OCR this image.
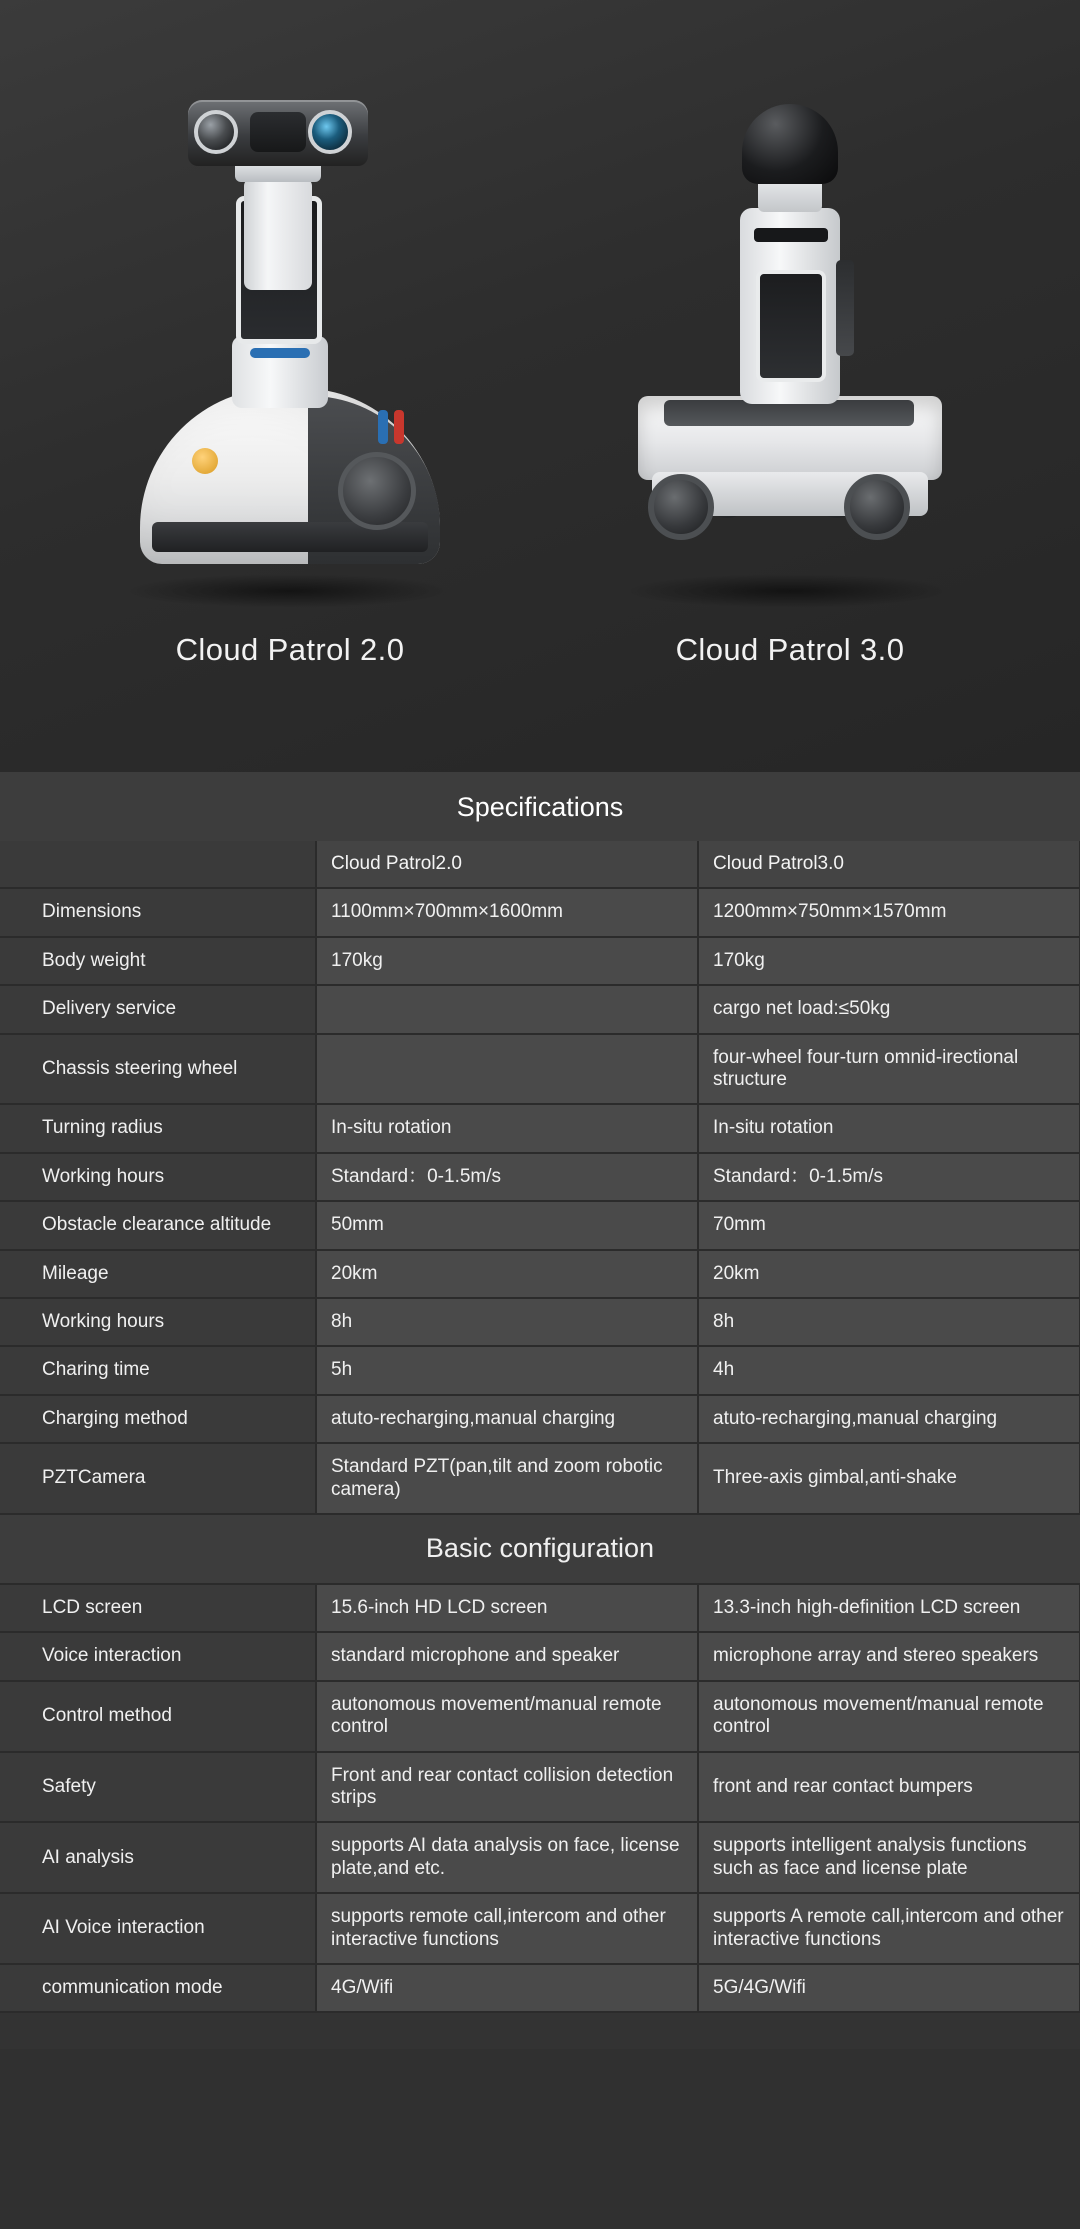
Cloud Patrol 2.0	Cloud Patrol 3.0
Specifications
	Cloud Patrol2.0	Cloud Patrol3.0
Dimensions	1100mm×700mm×1600mm	1200mm×750mm×1570mm
Body weight	170kg	170kg
Delivery service		cargo net load:≤50kg
Chassis steering wheel		four-wheel four-turn omnid-irectional structure
Turning radius	In-situ rotation	In-situ rotation
Working hours	Standard：0-1.5m/s	Standard：0-1.5m/s
Obstacle clearance altitude	50mm	70mm
Mileage	20km	20km
Working hours	8h	8h
Charing time	5h	4h
Charging method	atuto-recharging,manual charging	atuto-recharging,manual charging
PZTCamera	Standard PZT(pan,tilt and zoom robotic camera)	Three-axis gimbal,anti-shake
Basic configuration		
LCD screen	15.6-inch HD LCD screen	13.3-inch high-definition LCD screen
Voice interaction	standard microphone and speaker	microphone array and stereo speakers
Control method	autonomous movement/manual remote control	autonomous movement/manual remote control
Safety	Front and rear contact collision detection strips	front and rear contact bumpers
AI analysis	supports AI data analysis on face, license plate,and etc.	supports intelligent analysis functions such as face and license plate
AI Voice interaction	supports remote call,intercom and other interactive functions	supports A remote call,intercom and other interactive functions
communication mode	4G/Wifi	5G/4G/Wifi
